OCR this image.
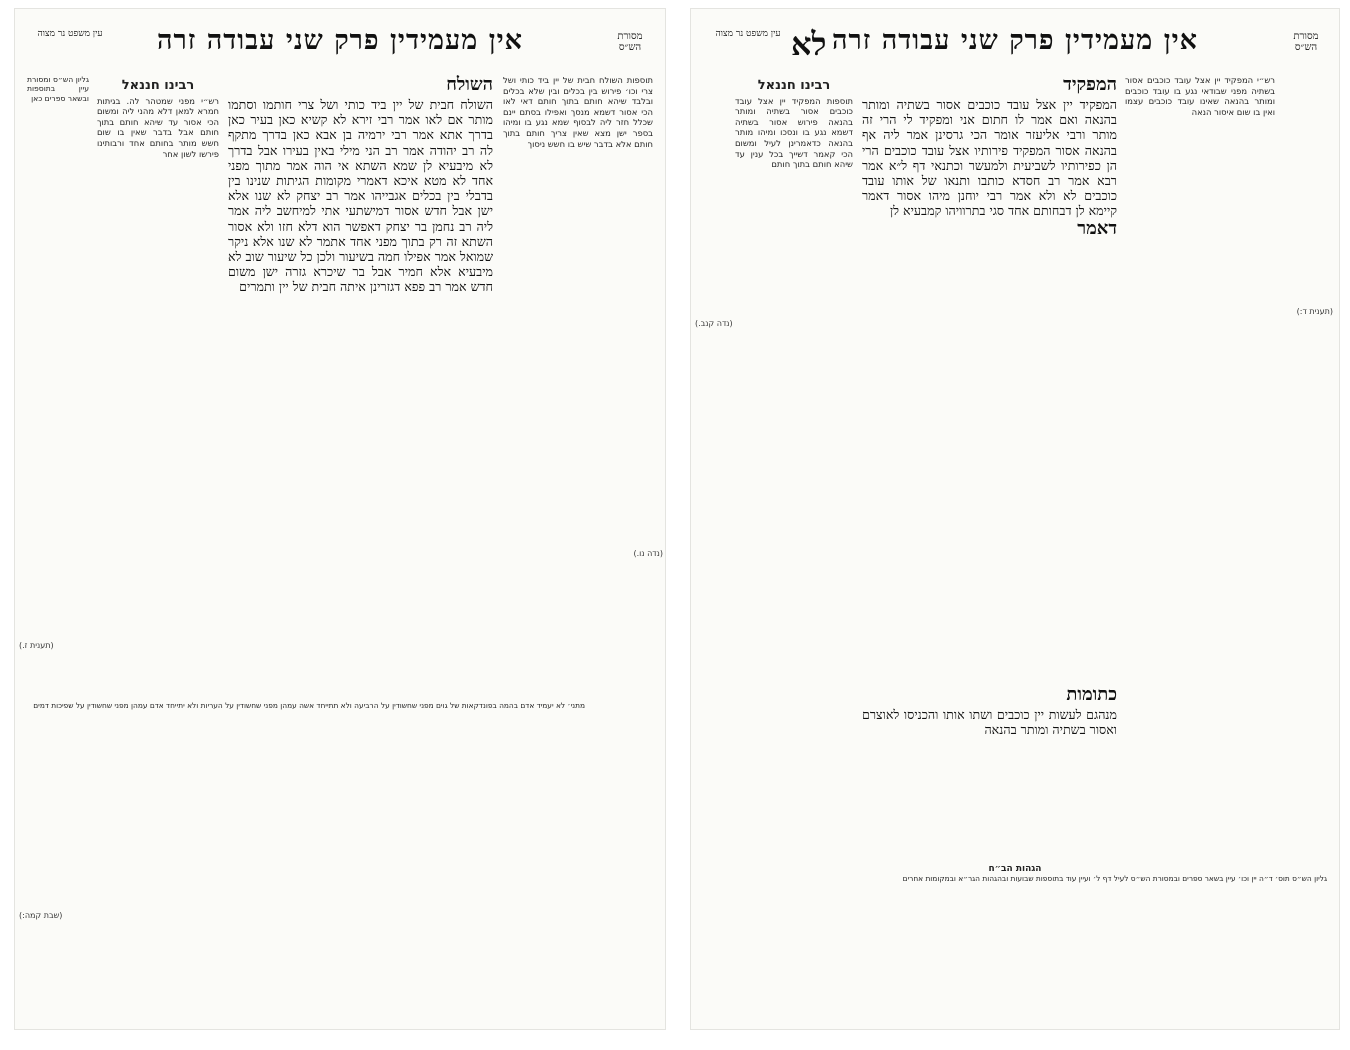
מסורת הש״ס
אין מעמידין פרק שני עבודה זרה
עין משפט נר מצוה
תוספות השולח חבית של יין ביד כותי ושל צרי וכו׳ פירוש בין בכלים ובין שלא בכלים ובלבד שיהא חותם בתוך חותם דאי לאו הכי אסור דשמא מנסך ואפילו בסתם יינם שכלל חזר ליה לבסוף שמא נגע בו ומיהו בספר ישן מצא שאין צריך חותם בתוך חותם אלא בדבר שיש בו חשש ניסוך
השולח
השולח חבית של יין ביד כותי ושל צרי חותמו וסתמו מותר אם לאו אמר רבי זירא לא קשיא כאן בעיר כאן בדרך אתא אמר רבי ירמיה בן אבא כאן בדרך מתקף לה רב יהודה אמר רב הני מילי באין בעירו אבל בדרך לא מיבעיא לן שמא השתא אי הוה אמר מתוך מפני אחד לא מטא איכא דאמרי מקומות הגיתות שנינו בין בדבלי בין בכלים אגבייהו אמר רב יצחק לא שנו אלא ישן אבל חדש אסור דמישתעי אתי למיחשב ליה אמר ליה רב נחמן בר יצחק דאפשר הוא דלא חזו ולא אסור השתא זה רק בתוך מפני אחד אתמר לא שנו אלא ניקר שמואל אמר אפילו חמה בשיעור ולכן כל שיעור שוב לא מיבעיא אלא חמיר אבל בר שיכרא גזרה ישן משום חדש אמר רב פפא דגזרינן איתה חבית של יין ותמרים
רבינו חננאל
רש״י מפני שמטהר לה. בגיתות חמרא למאן דלא מהני ליה ומשום הכי אסור עד שיהא חותם בתוך חותם אבל בדבר שאין בו שום חשש מותר בחותם אחד ורבותינו פירשו לשון אחר
גליון הש״ס ומסורת עיין בתוספות ובשאר ספרים כאן
(תענית ז.)
(שבת קמה:)
(נדה נו.)
מתני׳ לא יעמיד אדם בהמה בפונדקאות של גוים מפני שחשודין על הרביעה ולא תתייחד אשה עמהן מפני שחשודין על העריות ולא יתייחד אדם עמהן מפני שחשודין על שפיכות דמים
מסורת הש״ס
אין מעמידין פרק שני עבודה זרה
לא
עין משפט נר מצוה
רש״י המפקיד יין אצל עובד כוכבים אסור בשתיה מפני שבודאי נגע בו עובד כוכבים ומותר בהנאה שאינו עובד כוכבים עצמו ואין בו שום איסור הנאה
המפקיד
המפקיד יין אצל עובד כוכבים אסור בשתיה ומותר בהנאה ואם אמר לו חתום אני ומפקיד לי הרי זה מותר ורבי אליעזר אומר הכי גרסינן אמר ליה אף בהנאה אסור המפקיד פירותיו אצל עובד כוכבים הרי הן כפירותיו לשביעית ולמעשר וכתנאי דף ל״א אמר רבא אמר רב חסדא כותבו ותנאו של אותו עובד כוכבים לא ולא אמר רבי יוחנן מיהו אסור דאמר קיימא לן דבחותם אחד סגי בתרוויהו קמבעיא לן
דאמר
רבינו חננאל
תוספות המפקיד יין אצל עובד כוכבים אסור בשתיה ומותר בהנאה פירוש אסור בשתיה דשמא נגע בו ונסכו ומיהו מותר בהנאה כדאמרינן לעיל ומשום הכי קאמר דשייך בכל ענין עד שיהא חותם בתוך חותם
כתומות
מנהגם לעשות יין כוכבים ושתו אותו והכניסו לאוצרם ואסור בשתיה ומותר בהנאה
(תענית ד:)
(נדה קנב.)
הגהות הב״ח
גליון הש״ס תוס׳ ד״ה יין וכו׳ עיין בשאר ספרים ובמסורת הש״ס לעיל דף ל׳ ועיין עוד בתוספות שבועות ובהגהות הגר״א ובמקומות אחרים
